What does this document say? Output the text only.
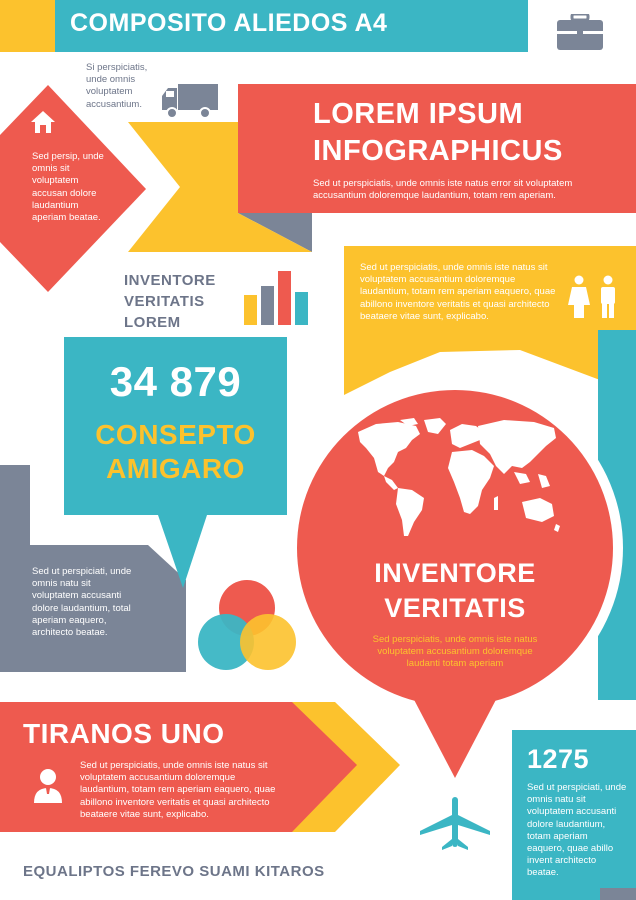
COMPOSITO ALIEDOS A4
Si perspiciatis, unde omnis voluptatem accusantium.	LOREM IPSUM
INFOGRAPHICUS
Sed ut perspiciatis, unde omnis iste natus error sit voluptatem accusantium doloremque laudantium, totam rem aperiam.
Sed persip, unde omnis sit voluptatem accusan dolore laudantium aperiam beatae.
INVENTORE
VERITATIS
LOREM
Sed ut perspiciatis, unde omnis iste natus sit voluptatem accusantium doloremque laudantium, totam rem aperiam eaquero, quae abillono inventore veritatis et quasi architecto beataere vitae sunt, explicabo.
34 879
CONSEPTO
AMIGARO
INVENTORE
VERITATIS
Sed perspiciatis, unde omnis iste natus voluptatem accusantium doloremque laudanti totam aperiam
Sed ut perspiciati, unde omnis natu sit voluptatem accusanti dolore laudantium, total aperiam eaquero, architecto beatae.
TIRANOS UNO
Sed ut perspiciatis, unde omnis iste natus sit voluptatem accusantium doloremque laudantium, totam rem aperiam eaquero, quae abillono inventore veritatis et quasi architecto beataere vitae sunt, explicabo.
1275
Sed ut perspiciati, unde omnis natu sit voluptatem accusanti dolore laudantium, totam aperiam eaquero, quae abillo invent architecto beatae.
EQUALIPTOS FEREVO SUAMI KITAROS
